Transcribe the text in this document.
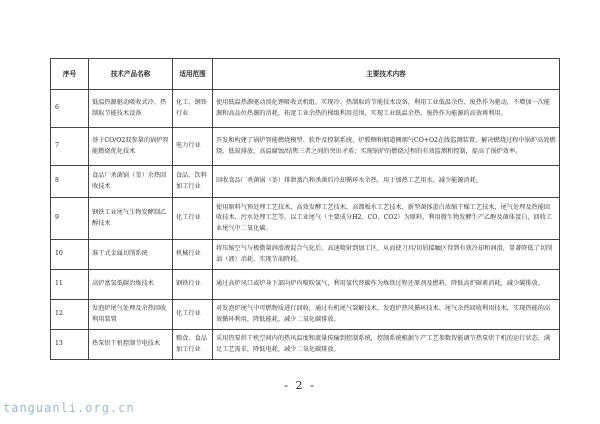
序号	技术产品名称	适用范围	主要技术内容
6	低温热源驱动吸收式冷、热制取节能技术设备	化工、钢铁行业	使用低温热源驱动溴化锂吸收式机组，实现冷、热制取的节能技术设备，利用工业低温余热、废热作为驱动，不增加一次能源和高品位热源的消耗，拓宽工业余热的梯级利用范围，实现工业低温余热、废热作为能源的高效再利用。
7	基于CO/O2双参量的锅炉智能燃烧优化技术	电力行业	开发和构建了锅炉智能燃烧模型、软件及控制系统，炉膛侧和烟道侧烟气CO+O2在线监测装置，解决燃烧过程中锅炉高效燃烧、低氮排放、高温腐蚀/结焦三者之间的突出矛盾；实现锅炉的燃烧过程的有效监测和控制，提高了锅炉效率。
8	食品厂杀菌锅（釜）余热回收技术	食品、饮料加工行业	回收食品厂杀菌锅（釜）排泄蒸汽和杀菌后冷却循环水余热，用于加热工艺用水，减少能源消耗。
9	钢铁工业尾气生物发酵制乙醇技术	化工行业	使用原料气预处理工艺技术、高效发酵工艺技术、高馏板水工艺技术、新型菌体蛋白浓缩干燥工艺技术、尾气处理及热能回收技术、污水处理工艺等，以工业尾气（主要成分H2、CO、CO2）为原料，利用微生物发酵生产乙醇及菌体蛋白，回收工业尾气中二氧化碳。
10	准干式金属切削系统	机械行业	将压缩空气与极微量润滑液混合气化后，高速喷射到加工区，从而使刀具/切屑接触区得到有效冷却和润滑，显著降低了切削油（液）消耗，实现节油降耗。
11	高炉富氢低碳冶炼技术	钢铁行业	通过高炉风口或炉身下部向炉内喷吹氢气，利用氢代替碳作为炼铁过程还原剂及燃料，降低高炉碳素消耗，减少碳排放。
12	发泡炉尾气处理及余热回收利用装置	化工行业	对发泡炉尾气中可燃物质进行回收，通过有机尾气裂解技术、发泡炉热风循环技术、尾气余热回收利用技术，实现热能的高效循环利用，降低能耗，减少二氧化碳排放。
13	热泵烘干机控制节电技术	粮食、食品加工行业	采用热泵烘干机空间内的热风温度和流量传输到控制系统，控制系统根据生产工艺参数智能调节热泵烘干机的运行状态，满足工艺需求，降低电耗，减少二氧化碳排放。
- 2 -
tanguanli.org.cn
